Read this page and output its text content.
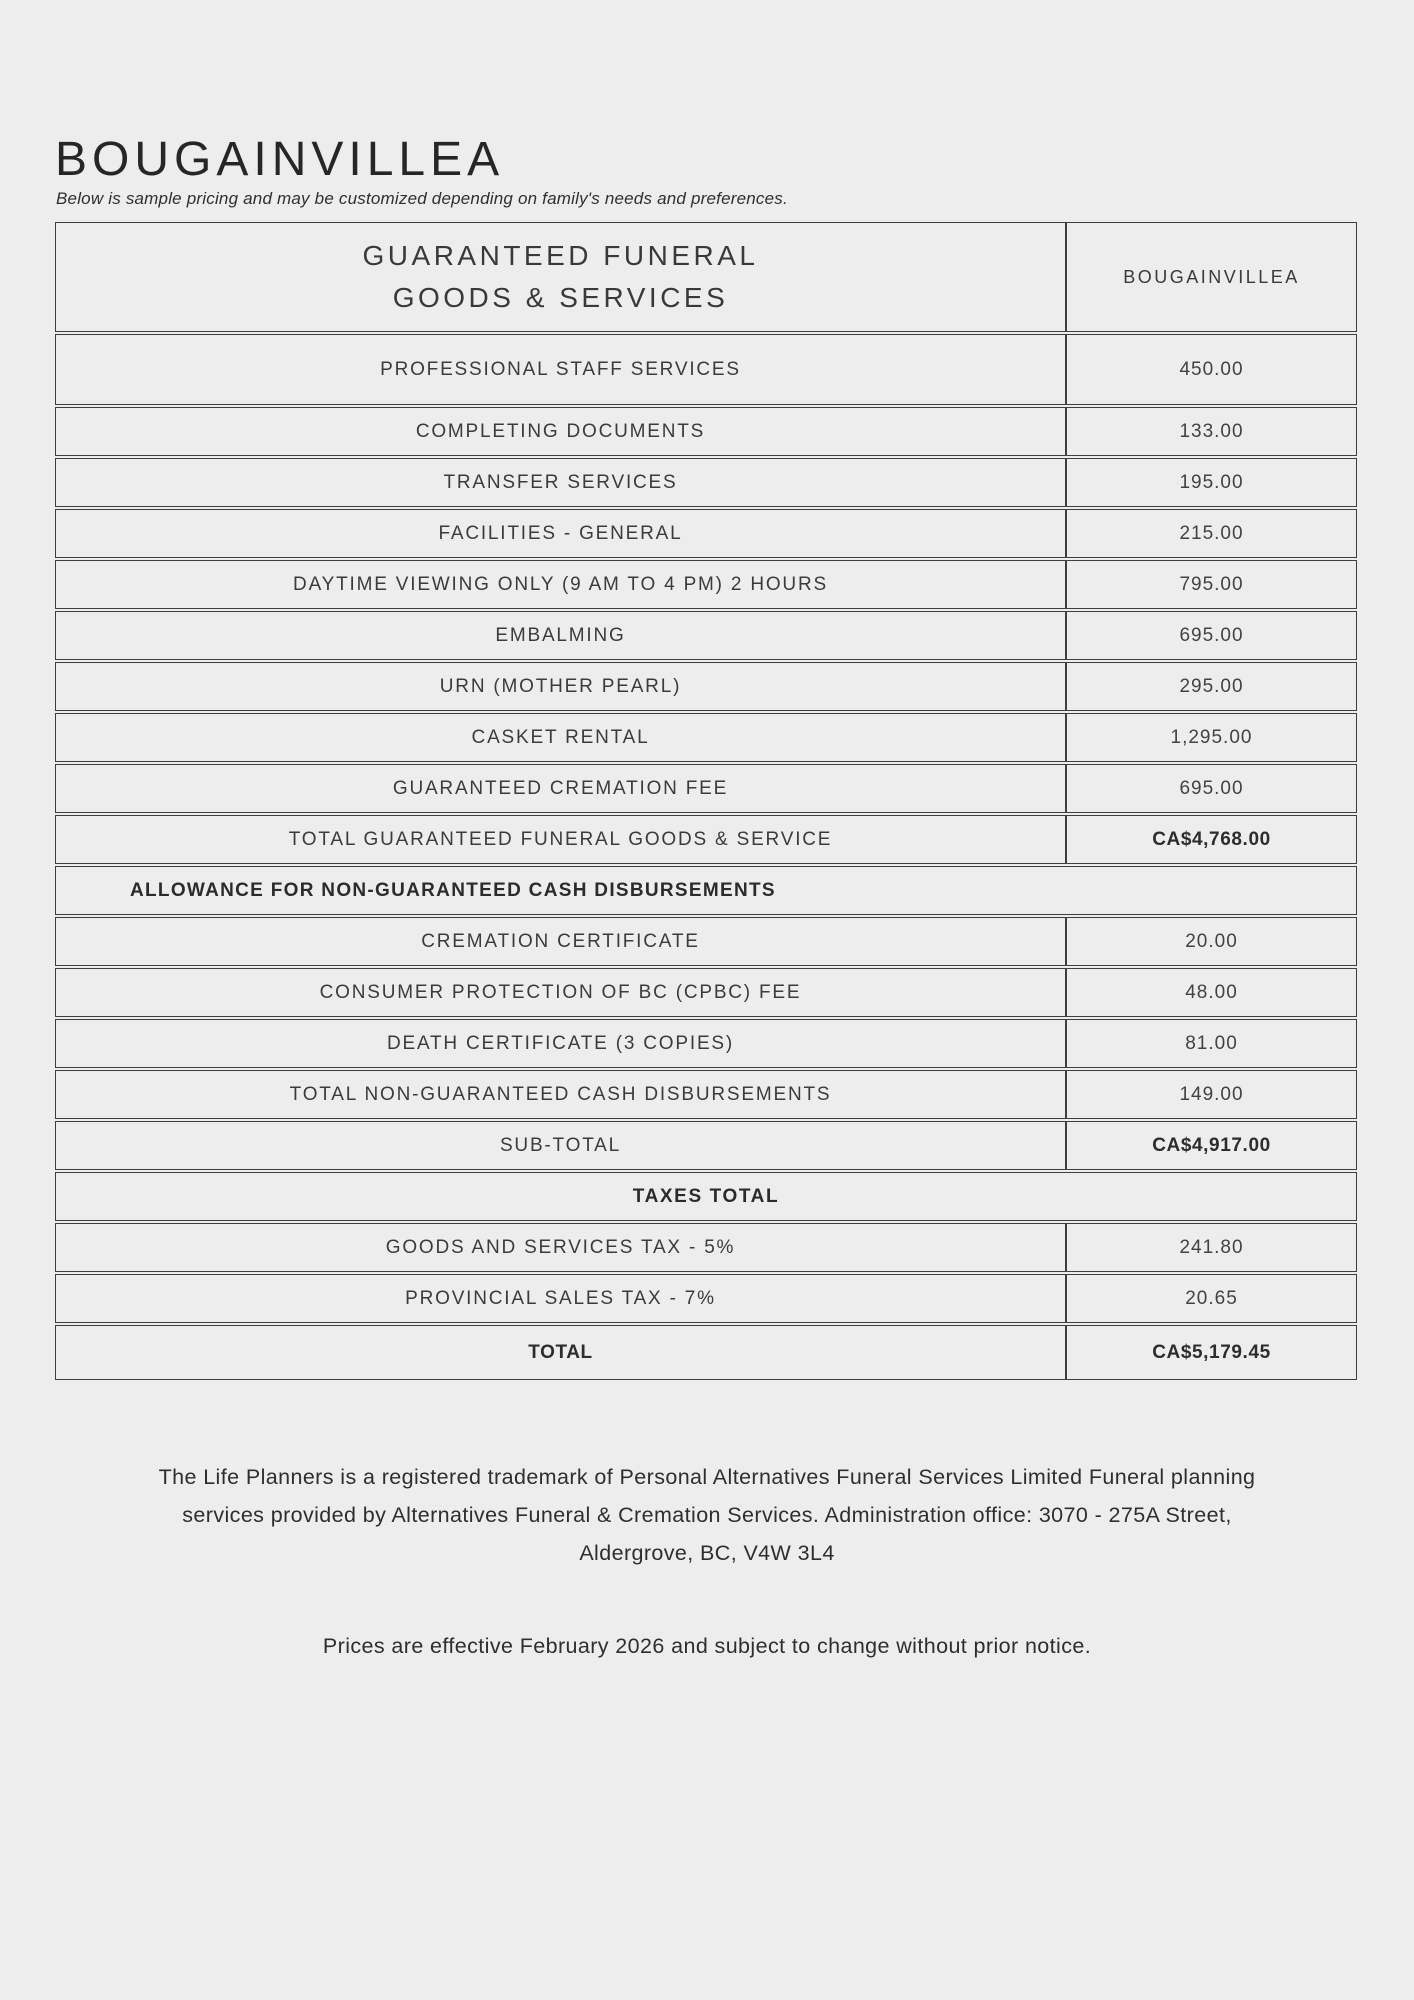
BOUGAINVILLEA

Below is sample pricing and may be customized depending on family's needs and preferences.

GUARANTEED FUNERAL
GOODS & SERVICES	BOUGAINVILLEA
PROFESSIONAL STAFF SERVICES	450.00
COMPLETING DOCUMENTS	133.00
TRANSFER SERVICES	195.00
FACILITIES - GENERAL	215.00
DAYTIME VIEWING ONLY (9 AM TO 4 PM) 2 HOURS	795.00
EMBALMING	695.00
URN (MOTHER PEARL)	295.00
CASKET RENTAL	1,295.00
GUARANTEED CREMATION FEE	695.00
TOTAL GUARANTEED FUNERAL GOODS & SERVICE	CA$4,768.00
ALLOWANCE FOR NON-GUARANTEED CASH DISBURSEMENTS	
CREMATION CERTIFICATE	20.00
CONSUMER PROTECTION OF BC (CPBC) FEE	48.00
DEATH CERTIFICATE (3 COPIES)	81.00
TOTAL NON-GUARANTEED CASH DISBURSEMENTS	149.00
SUB-TOTAL	CA$4,917.00
TAXES TOTAL	
GOODS AND SERVICES TAX - 5%	241.80
PROVINCIAL SALES TAX - 7%	20.65
TOTAL	CA$5,179.45

The Life Planners is a registered trademark of Personal Alternatives Funeral Services Limited Funeral planning services provided by Alternatives Funeral & Cremation Services. Administration office: 3070 - 275A Street, Aldergrove, BC, V4W 3L4

Prices are effective February 2026 and subject to change without prior notice.
